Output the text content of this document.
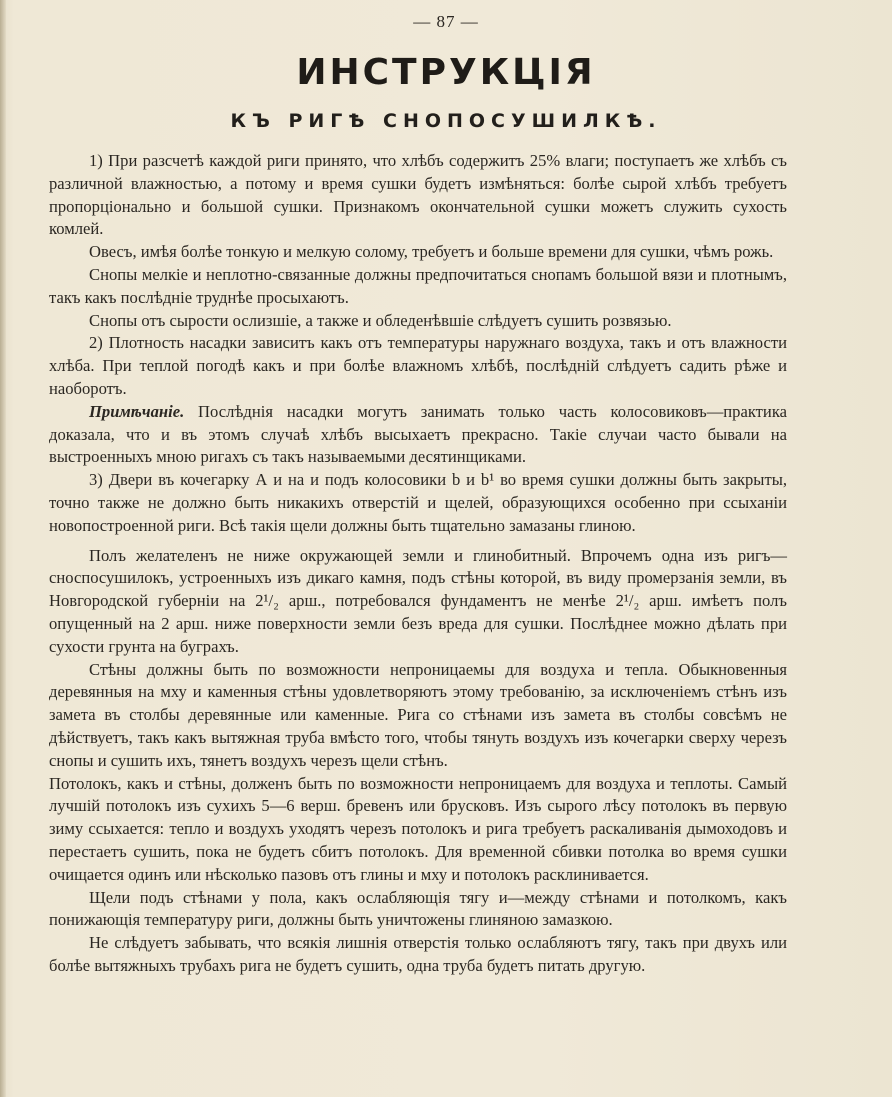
— 87 —
ИНСТРУКЦІЯ
КЪ РИГѢ СНОПОСУШИЛКѢ.

1) При разсчетѣ каждой риги принято, что хлѣбъ содержитъ 25% влаги; поступаетъ же хлѣбъ съ различной влажностью, а потому и время сушки будетъ измѣняться: болѣе сырой хлѣбъ требуетъ пропорціонально и большой сушки. Признакомъ окончательной сушки можетъ служить сухость комлей.

Овесъ, имѣя болѣе тонкую и мелкую солому, требуетъ и больше времени для сушки, чѣмъ рожь.

Снопы мелкіе и неплотно-связанные должны предпочитаться снопамъ большой вязи и плотнымъ, такъ какъ послѣдніе труднѣе просыхаютъ.

Снопы отъ сырости ослизшіе, а также и обледенѣвшіе слѣдуетъ сушить розвязью.

2) Плотность насадки зависитъ какъ отъ температуры наружнаго воздуха, такъ и отъ влажности хлѣба. При теплой погодѣ какъ и при болѣе влажномъ хлѣбѣ, послѣдній слѣдуетъ садить рѣже и наоборотъ.

Примѣчаніе. Послѣднія насадки могутъ занимать только часть колосовиковъ—практика доказала, что и въ этомъ случаѣ хлѣбъ высыхаетъ прекрасно. Такіе случаи часто бывали на выстроенныхъ мною ригахъ съ такъ называемыми десятинщиками.

3) Двери въ кочегарку А и на и подъ колосовики b и b¹ во время сушки должны быть закрыты, точно также не должно быть никакихъ отверстій и щелей, образующихся особенно при ссыханіи новопостроенной риги. Всѣ такія щели должны быть тщательно замазаны глиною.

Полъ желателенъ не ниже окружающей земли и глинобитный. Впрочемъ одна изъ ригъ—сноспосушилокъ, устроенныхъ изъ дикаго камня, подъ стѣны которой, въ виду промерзанія земли, въ Новгородской губерніи на 2¹/₂ арш., потребовался фундаментъ не менѣе 2¹/₂ арш. имѣетъ полъ опущенный на 2 арш. ниже поверхности земли безъ вреда для сушки. Послѣднее можно дѣлать при сухости грунта на буграхъ.

Стѣны должны быть по возможности непроницаемы для воздуха и тепла. Обыкновенныя деревянныя на мху и каменныя стѣны удовлетворяютъ этому требованію, за исключеніемъ стѣнъ изъ замета въ столбы деревянные или каменные. Рига со стѣнами изъ замета въ столбы совсѣмъ не дѣйствуетъ, такъ какъ вытяжная труба вмѣсто того, чтобы тянуть воздухъ изъ кочегарки сверху черезъ снопы и сушить ихъ, тянетъ воздухъ черезъ щели стѣнъ.

Потолокъ, какъ и стѣны, долженъ быть по возможности непроницаемъ для воздуха и теплоты. Самый лучшій потолокъ изъ сухихъ 5—6 верш. бревенъ или брусковъ. Изъ сырого лѣсу потолокъ въ первую зиму ссыхается: тепло и воздухъ уходятъ черезъ потолокъ и рига требуетъ раскаливанія дымоходовъ и перестаетъ сушить, пока не будетъ сбитъ потолокъ. Для временной сбивки потолка во время сушки очищается одинъ или нѣсколько пазовъ отъ глины и мху и потолокъ расклинивается.

Щели подъ стѣнами у пола, какъ ослабляющія тягу и—между стѣнами и потолкомъ, какъ понижающія температуру риги, должны быть уничтожены глиняною замазкою.

Не слѣдуетъ забывать, что всякія лишнія отверстія только ослабляютъ тягу, такъ при двухъ или болѣе вытяжныхъ трубахъ рига не будетъ сушить, одна труба будетъ питать другую.
